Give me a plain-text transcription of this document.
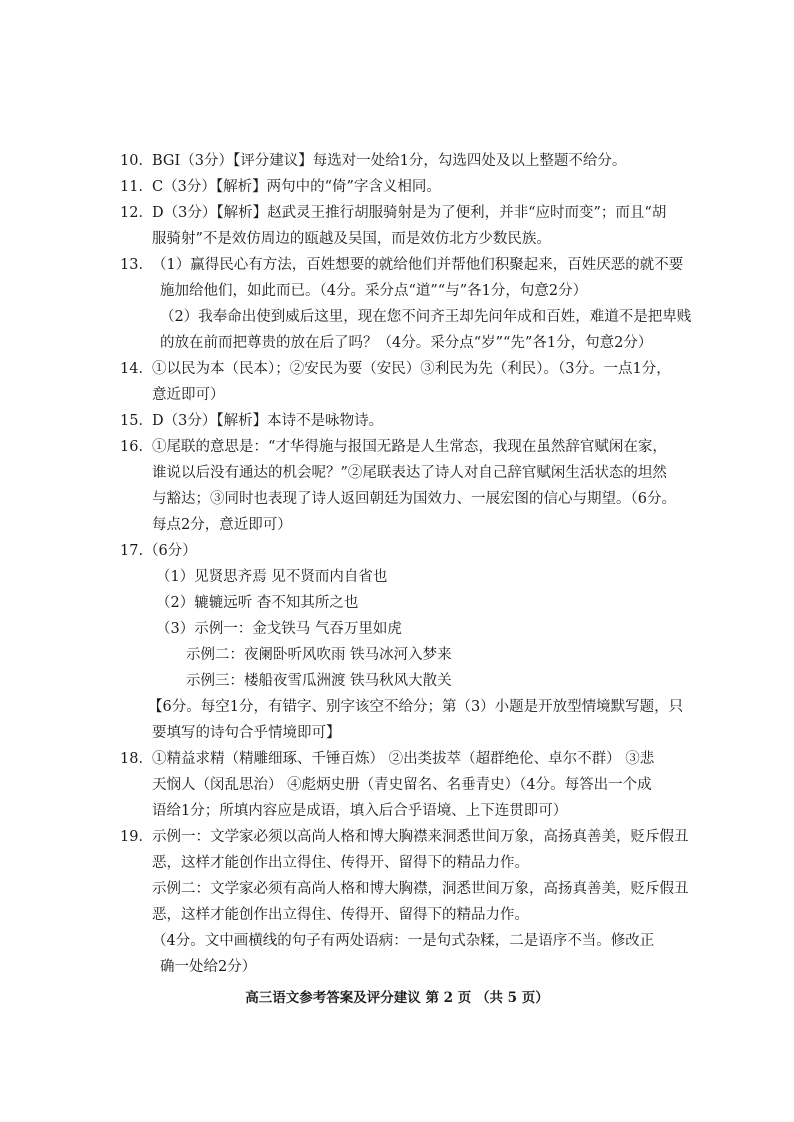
10． BGI（3分）【评分建议】每选对一处给1分，勾选四处及以上整题不给分。
11． C（3分）【解析】两句中的“倚”字含义相同。
12． D（3分）【解析】赵武灵王推行胡服骑射是为了便利，并非“应时而变”；而且“胡
服骑射”不是效仿周边的瓯越及吴国，而是效仿北方少数民族。
13． （1）赢得民心有方法，百姓想要的就给他们并帮他们积聚起来，百姓厌恶的就不要
施加给他们，如此而已。（4分。采分点“道”“与”各1分，句意2分）
（2）我奉命出使到威后这里，现在您不问齐王却先问年成和百姓，难道不是把卑贱
的放在前而把尊贵的放在后了吗？（4分。采分点“岁”“先”各1分，句意2分）
14． ①以民为本（民本）；②安民为要（安民）③利民为先（利民）。（3分。一点1分，
意近即可）
15． D（3分）【解析】本诗不是咏物诗。
16． ①尾联的意思是：“才华得施与报国无路是人生常态，我现在虽然辞官赋闲在家，
谁说以后没有通达的机会呢？”②尾联表达了诗人对自己辞官赋闲生活状态的坦然
与豁达；③同时也表现了诗人返回朝廷为国效力、一展宏图的信心与期望。（6分。
每点2分，意近即可）
17. （6分）
（1）见贤思齐焉 见不贤而内自省也
（2）辘辘远听 杳不知其所之也
（3）示例一：金戈铁马 气吞万里如虎
示例二：夜阑卧听风吹雨 铁马冰河入梦来
示例三：楼船夜雪瓜洲渡 铁马秋风大散关
【6分。每空1分，有错字、别字该空不给分；第（3）小题是开放型情境默写题，只
要填写的诗句合乎情境即可】
18． ①精益求精（精雕细琢、千锤百炼） ②出类拔萃（超群绝伦、卓尔不群） ③悲
天悯人（闵乱思治） ④彪炳史册（青史留名、名垂青史）（4分。每答出一个成
语给1分；所填内容应是成语，填入后合乎语境、上下连贯即可）
19． 示例一：文学家必须以高尚人格和博大胸襟来洞悉世间万象，高扬真善美，贬斥假丑
恶，这样才能创作出立得住、传得开、留得下的精品力作。
示例二：文学家必须有高尚人格和博大胸襟，洞悉世间万象，高扬真善美，贬斥假丑
恶，这样才能创作出立得住、传得开、留得下的精品力作。
（4分。文中画横线的句子有两处语病：一是句式杂糅，二是语序不当。修改正
确一处给2分）
高三语文参考答案及评分建议 第 2 页 （共 5 页）
